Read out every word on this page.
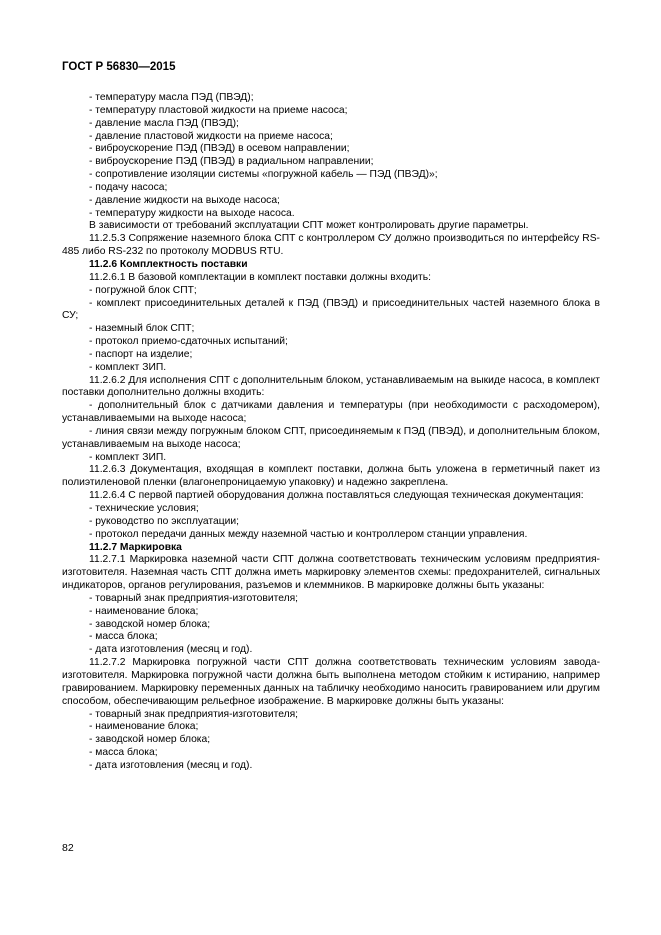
ГОСТ Р 56830—2015
- температуру масла ПЭД (ПВЭД);
- температуру пластовой жидкости на приеме насоса;
- давление масла ПЭД (ПВЭД);
- давление пластовой жидкости на приеме насоса;
- виброускорение ПЭД (ПВЭД) в осевом направлении;
- виброускорение ПЭД (ПВЭД) в радиальном направлении;
- сопротивление изоляции системы «погружной кабель — ПЭД (ПВЭД)»;
- подачу насоса;
- давление жидкости на выходе насоса;
- температуру жидкости на выходе насоса.
В зависимости от требований эксплуатации СПТ может контролировать другие параметры.
11.2.5.3 Сопряжение наземного блока СПТ с контроллером СУ должно производиться по интерфейсу RS-485 либо RS-232 по протоколу MODBUS RTU.
11.2.6 Комплектность поставки
11.2.6.1 В базовой комплектации в комплект поставки должны входить:
- погружной блок СПТ;
- комплект присоединительных деталей к ПЭД (ПВЭД) и присоединительных частей наземного блока в СУ;
- наземный блок СПТ;
- протокол приемо-сдаточных испытаний;
- паспорт на изделие;
- комплект ЗИП.
11.2.6.2 Для исполнения СПТ с дополнительным блоком, устанавливаемым на выкиде насоса, в комплект поставки дополнительно должны входить:
- дополнительный блок с датчиками давления и температуры (при необходимости с расходомером), устанавливаемыми на выходе насоса;
- линия связи между погружным блоком СПТ, присоединяемым к ПЭД (ПВЭД), и дополнительным блоком, устанавливаемым на выходе насоса;
- комплект ЗИП.
11.2.6.3 Документация, входящая в комплект поставки, должна быть уложена в герметичный пакет из полиэтиленовой пленки (влагонепроницаемую упаковку) и надежно закреплена.
11.2.6.4 С первой партией оборудования должна поставляться следующая техническая документация:
- технические условия;
- руководство по эксплуатации;
- протокол передачи данных между наземной частью и контроллером станции управления.
11.2.7 Маркировка
11.2.7.1 Маркировка наземной части СПТ должна соответствовать техническим условиям предприятия-изготовителя. Наземная часть СПТ должна иметь маркировку элементов схемы: предохранителей, сигнальных индикаторов, органов регулирования, разъемов и клеммников. В маркировке должны быть указаны:
- товарный знак предприятия-изготовителя;
- наименование блока;
- заводской номер блока;
- масса блока;
- дата изготовления (месяц и год).
11.2.7.2 Маркировка погружной части СПТ должна соответствовать техническим условиям завода-изготовителя. Маркировка погружной части должна быть выполнена методом стойким к истиранию, например гравированием. Маркировку переменных данных на табличку необходимо наносить гравированием или другим способом, обеспечивающим рельефное изображение. В маркировке должны быть указаны:
- товарный знак предприятия-изготовителя;
- наименование блока;
- заводской номер блока;
- масса блока;
- дата изготовления (месяц и год).
82
